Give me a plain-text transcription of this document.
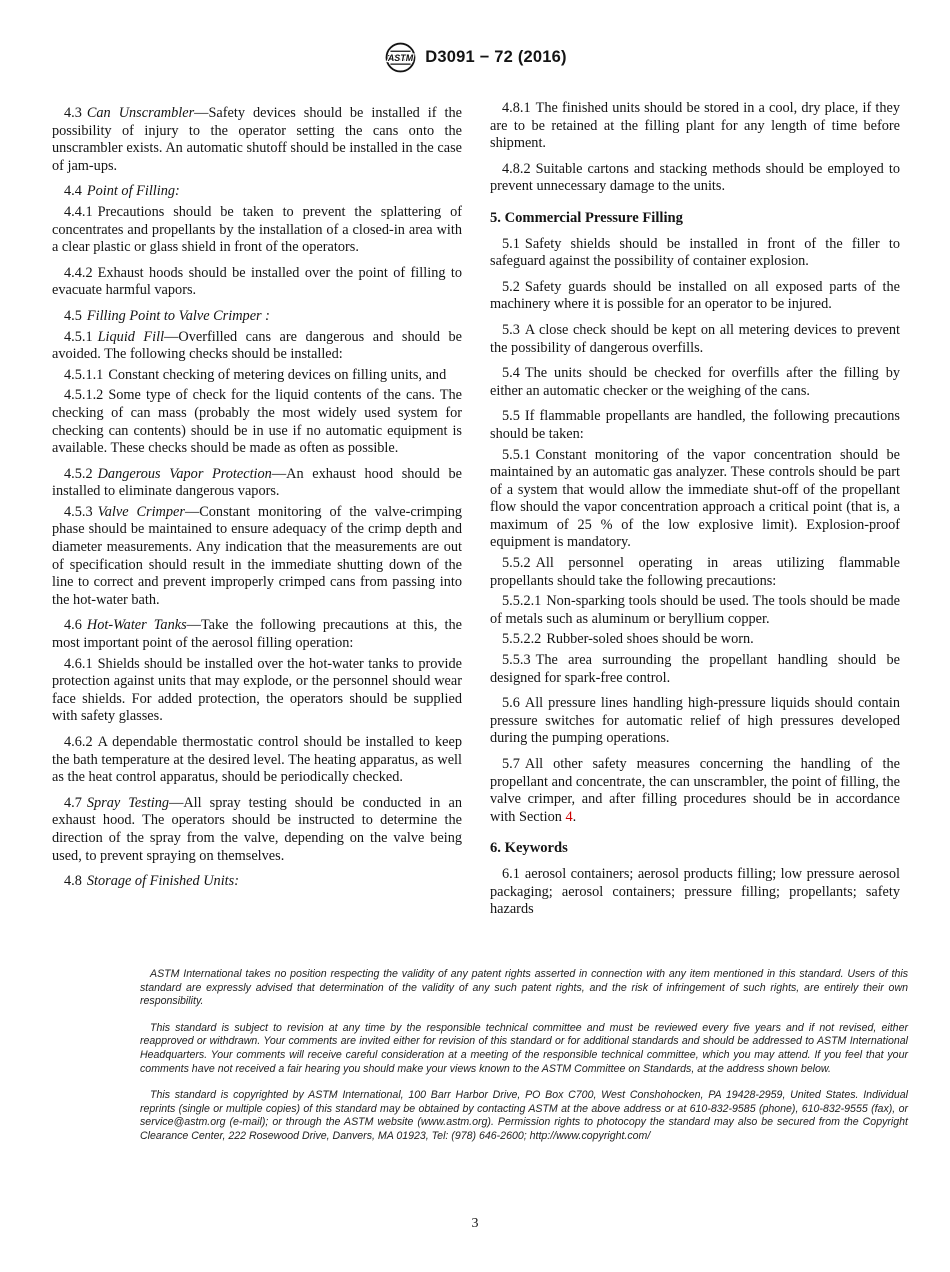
ASTM D3091 − 72 (2016)

4.3 Can Unscrambler—Safety devices should be installed if the possibility of injury to the operator setting the cans onto the unscrambler exists. An automatic shutoff should be installed in the case of jam-ups.

4.4 Point of Filling:

4.4.1 Precautions should be taken to prevent the splattering of concentrates and propellants by the installation of a closed-in area with a clear plastic or glass shield in front of the operators.

4.4.2 Exhaust hoods should be installed over the point of filling to evacuate harmful vapors.

4.5 Filling Point to Valve Crimper :

4.5.1 Liquid Fill—Overfilled cans are dangerous and should be avoided. The following checks should be installed:

4.5.1.1 Constant checking of metering devices on filling units, and

4.5.1.2 Some type of check for the liquid contents of the cans. The checking of can mass (probably the most widely used system for checking can contents) should be in use if no automatic equipment is available. These checks should be made as often as possible.

4.5.2 Dangerous Vapor Protection—An exhaust hood should be installed to eliminate dangerous vapors.

4.5.3 Valve Crimper—Constant monitoring of the valve-crimping phase should be maintained to ensure adequacy of the crimp depth and diameter measurements. Any indication that the measurements are out of specification should result in the immediate shutting down of the line to correct and prevent improperly crimped cans from passing into the hot-water bath.

4.6 Hot-Water Tanks—Take the following precautions at this, the most important point of the aerosol filling operation:

4.6.1 Shields should be installed over the hot-water tanks to provide protection against units that may explode, or the personnel should wear face shields. For added protection, the operators should be supplied with safety glasses.

4.6.2 A dependable thermostatic control should be installed to keep the bath temperature at the desired level. The heating apparatus, as well as the heat control apparatus, should be periodically checked.

4.7 Spray Testing—All spray testing should be conducted in an exhaust hood. The operators should be instructed to determine the direction of the spray from the valve, depending on the valve being used, to prevent spraying on themselves.

4.8 Storage of Finished Units:

4.8.1 The finished units should be stored in a cool, dry place, if they are to be retained at the filling plant for any length of time before shipment.

4.8.2 Suitable cartons and stacking methods should be employed to prevent unnecessary damage to the units.

5. Commercial Pressure Filling

5.1 Safety shields should be installed in front of the filler to safeguard against the possibility of container explosion.

5.2 Safety guards should be installed on all exposed parts of the machinery where it is possible for an operator to be injured.

5.3 A close check should be kept on all metering devices to prevent the possibility of dangerous overfills.

5.4 The units should be checked for overfills after the filling by either an automatic checker or the weighing of the cans.

5.5 If flammable propellants are handled, the following precautions should be taken:

5.5.1 Constant monitoring of the vapor concentration should be maintained by an automatic gas analyzer. These controls should be part of a system that would allow the immediate shut-off of the propellant flow should the vapor concentration approach a critical point (that is, a maximum of 25 % of the low explosive limit). Explosion-proof equipment is mandatory.

5.5.2 All personnel operating in areas utilizing flammable propellants should take the following precautions:

5.5.2.1 Non-sparking tools should be used. The tools should be made of metals such as aluminum or beryllium copper.

5.5.2.2 Rubber-soled shoes should be worn.

5.5.3 The area surrounding the propellant handling should be designed for spark-free control.

5.6 All pressure lines handling high-pressure liquids should contain pressure switches for automatic relief of high pressures developed during the pumping operations.

5.7 All other safety measures concerning the handling of the propellant and concentrate, the can unscrambler, the point of filling, the valve crimper, and after filling procedures should be in accordance with Section 4.

6. Keywords

6.1 aerosol containers; aerosol products filling; low pressure aerosol packaging; aerosol containers; pressure filling; propellants; safety hazards

ASTM International takes no position respecting the validity of any patent rights asserted in connection with any item mentioned in this standard. Users of this standard are expressly advised that determination of the validity of any such patent rights, and the risk of infringement of such rights, are entirely their own responsibility.

This standard is subject to revision at any time by the responsible technical committee and must be reviewed every five years and if not revised, either reapproved or withdrawn. Your comments are invited either for revision of this standard or for additional standards and should be addressed to ASTM International Headquarters. Your comments will receive careful consideration at a meeting of the responsible technical committee, which you may attend. If you feel that your comments have not received a fair hearing you should make your views known to the ASTM Committee on Standards, at the address shown below.

This standard is copyrighted by ASTM International, 100 Barr Harbor Drive, PO Box C700, West Conshohocken, PA 19428-2959, United States. Individual reprints (single or multiple copies) of this standard may be obtained by contacting ASTM at the above address or at 610-832-9585 (phone), 610-832-9555 (fax), or service@astm.org (e-mail); or through the ASTM website (www.astm.org). Permission rights to photocopy the standard may also be secured from the Copyright Clearance Center, 222 Rosewood Drive, Danvers, MA 01923, Tel: (978) 646-2600; http://www.copyright.com/

3
